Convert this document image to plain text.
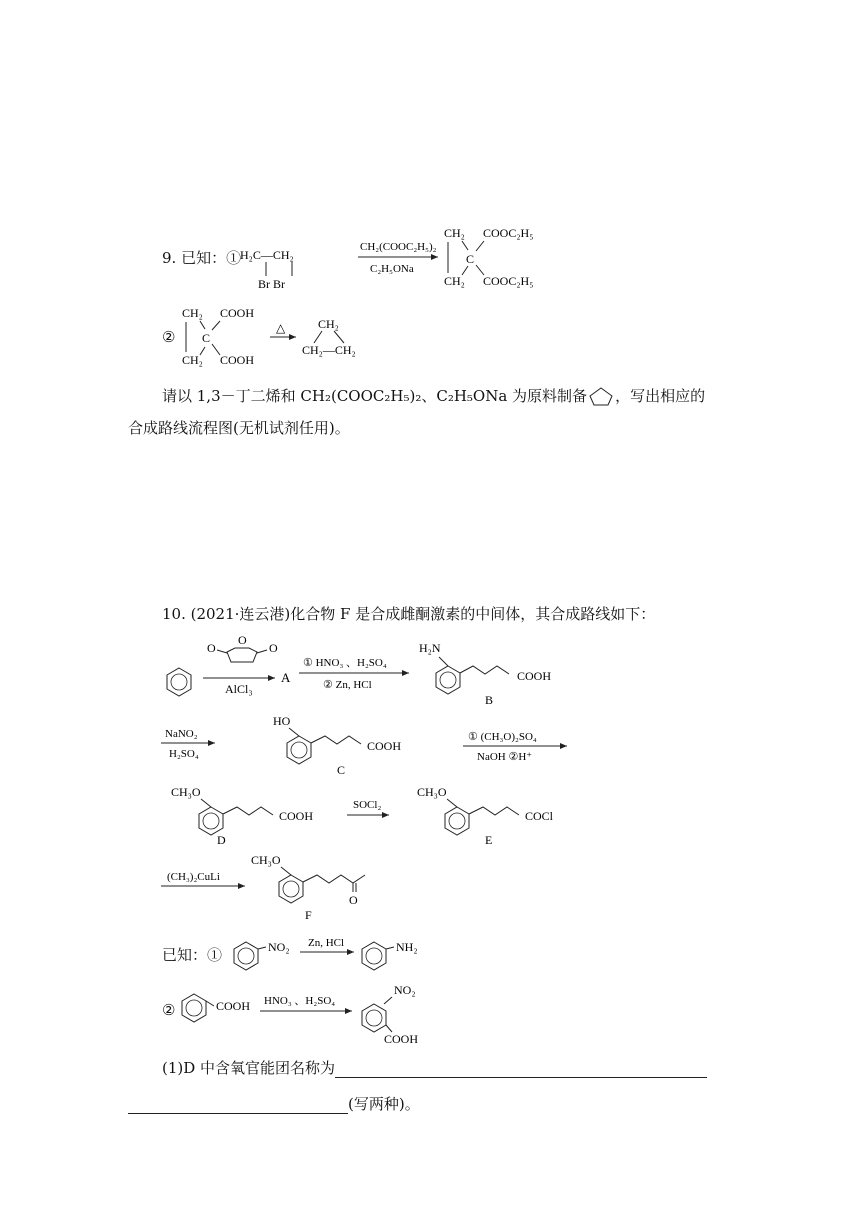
9. 已知：①
H₂C—CH₂
Br Br
CH₂(COOC₂H₅)₂
C₂H₅ONa
CH₂
CH₂
C
COOC₂H₅
COOC₂H₅
②
CH₂
CH₂
C
COOH
COOH
△	CH₂
CH₂—CH₂
请以 1,3－丁二烯和 CH₂(COOC₂H₅)₂、C₂H₅ONa 为原料制备 ，写出相应的
合成路线流程图(无机试剂任用)。
10. (2021·连云港)化合物 F 是合成雌酮激素的中间体，其合成路线如下：
O
O
O
AlCl₃
A
① HNO₃ 、H₂SO₄
② Zn, HCl
H₂N
COOH
B
NaNO₂
H₂SO₄
HO
COOH
C
① (CH₃O)₂SO₄
NaOH ②H⁺
CH₃O
COOH
D
SOCl₂
CH₃O
COCl
E
(CH₃)₂CuLi
CH₃O
O
F
已知：①	NO₂ Zn, HCl	NH₂
②	COOH HNO₃ 、H₂SO₄
NO₂
COOH
(1)D 中含氧官能团名称为
(写两种)。
